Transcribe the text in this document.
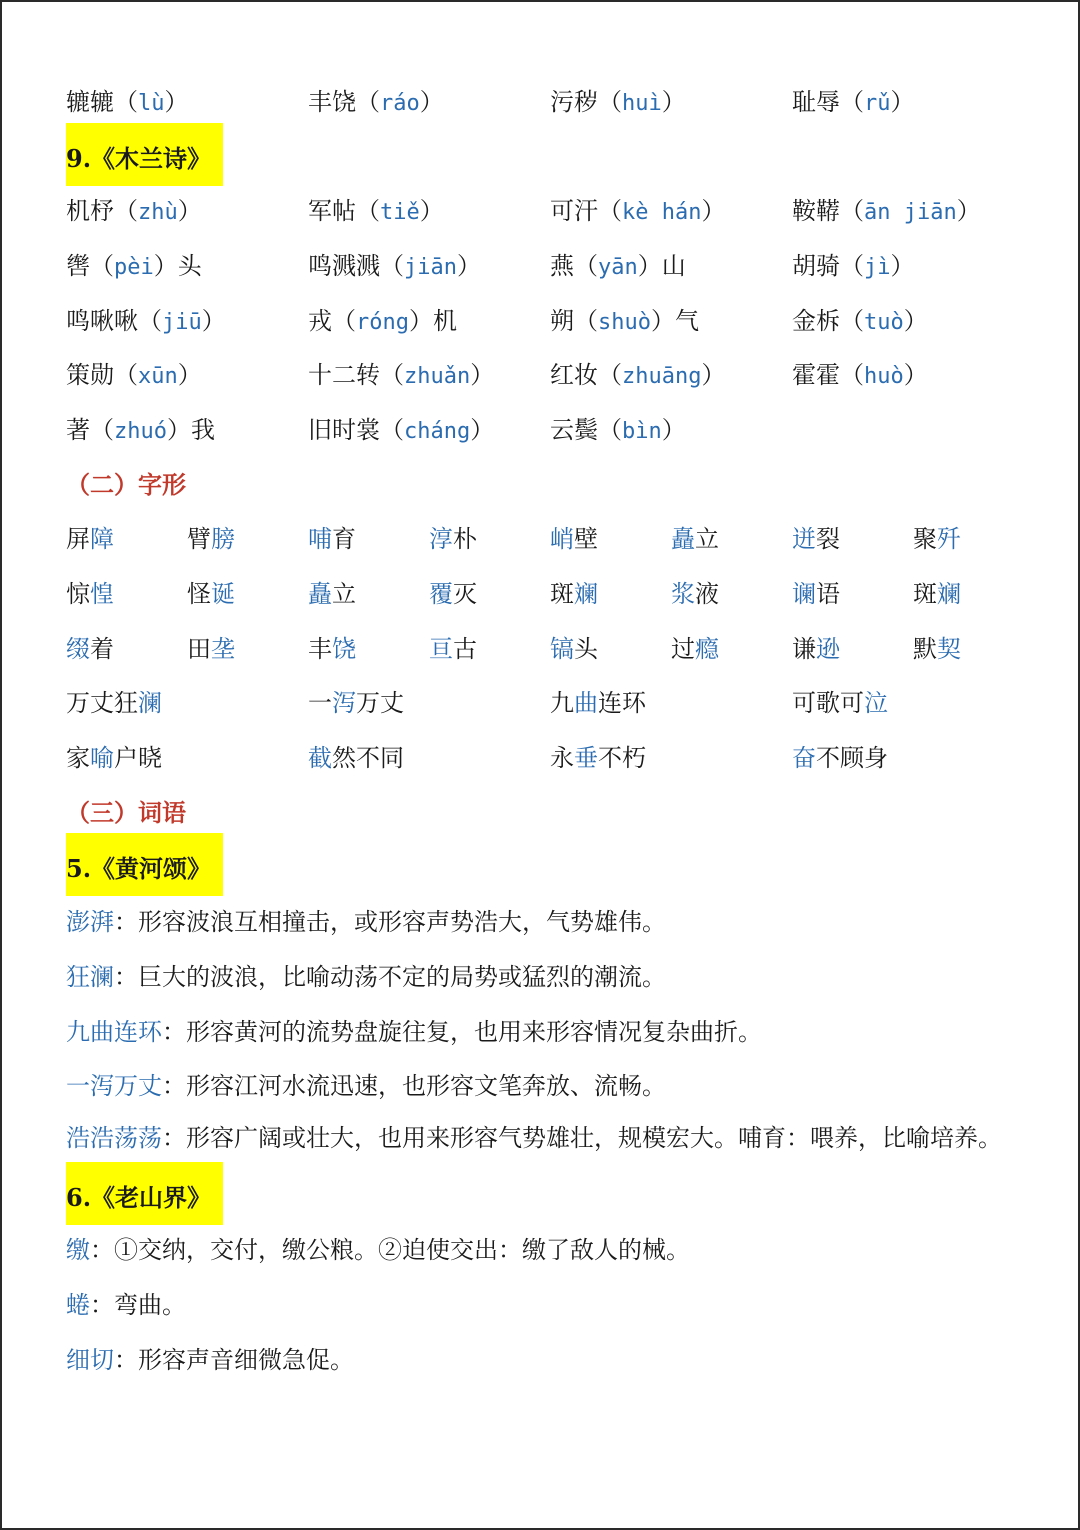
辘辘（lù）	丰饶（ráo）	污秽（huì）	耻辱（rǔ）
9.《木兰诗》
机杼（zhù）	军帖（tiě）	可汗（kè hán）	鞍鞯（ān jiān）
辔（pèi）头	鸣溅溅（jiān）	燕（yān）山	胡骑（jì）
鸣啾啾（jiū）	戎（róng）机	朔（shuò）气	金柝（tuò）
策勋（xūn）	十二转（zhuǎn）	红妆（zhuāng）	霍霍（huò）
著（zhuó）我	旧时裳（cháng）	云鬓（bìn）
（二）字形
屏障	臂膀	哺育	淳朴	峭壁	矗立	迸裂	聚歼
惊惶	怪诞	矗立	覆灭	斑斓	浆液	谰语	斑斓
缀着	田垄	丰饶	亘古	镐头	过瘾	谦逊	默契
万丈狂澜	一泻万丈	九曲连环	可歌可泣
家喻户晓	截然不同	永垂不朽	奋不顾身
（三）词语
5.《黄河颂》
澎湃 ： 形容波浪互相撞击，或形容声势浩大，气势雄伟。
狂澜 ： 巨大的波浪，比喻动荡不定的局势或猛烈的潮流。
九曲连环 ： 形容黄河的流势盘旋往复，也用来形容情况复杂曲折。
一泻万丈 ： 形容江河水流迅速，也形容文笔奔放、流畅。
浩浩荡荡：形容广阔或壮大，也用来形容气势雄壮，规模宏大。哺育：喂养，比喻培养。
6.《老山界》
缴 ： ①交纳，交付，缴公粮。②迫使交出：缴了敌人的械。
蜷 ： 弯曲。
细切 ： 形容声音细微急促。
